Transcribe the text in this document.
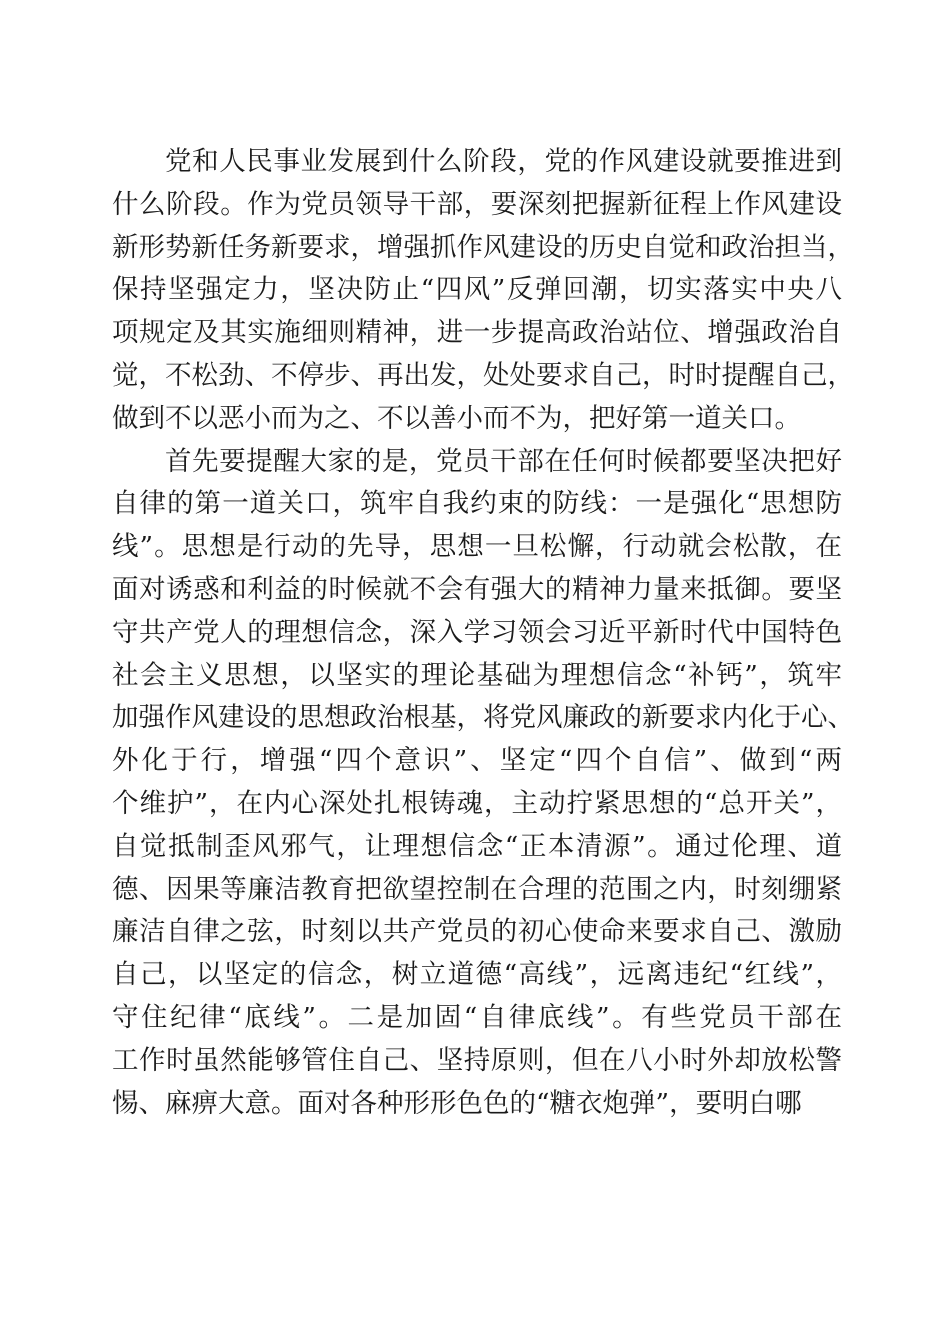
党和人民事业发展到什么阶段，党的作风建设就要推进到
什么阶段。作为党员领导干部，要深刻把握新征程上作风建设
新形势新任务新要求，增强抓作风建设的历史自觉和政治担当，
保持坚强定力，坚决防止“四风”反弹回潮，切实落实中央八
项规定及其实施细则精神，进一步提高政治站位、增强政治自
觉，不松劲、不停步、再出发，处处要求自己，时时提醒自己，
做到不以恶小而为之、不以善小而不为，把好第一道关口。
首先要提醒大家的是，党员干部在任何时候都要坚决把好
自律的第一道关口，筑牢自我约束的防线：一是强化“思想防
线”。思想是行动的先导，思想一旦松懈，行动就会松散，在
面对诱惑和利益的时候就不会有强大的精神力量来抵御。要坚
守共产党人的理想信念，深入学习领会习近平新时代中国特色
社会主义思想，以坚实的理论基础为理想信念“补钙”，筑牢
加强作风建设的思想政治根基，将党风廉政的新要求内化于心、
外化于行，增强“四个意识”、坚定“四个自信”、做到“两
个维护”，在内心深处扎根铸魂，主动拧紧思想的“总开关”，
自觉抵制歪风邪气，让理想信念“正本清源”。通过伦理、道
德、因果等廉洁教育把欲望控制在合理的范围之内，时刻绷紧
廉洁自律之弦，时刻以共产党员的初心使命来要求自己、激励
自己，以坚定的信念，树立道德“高线”，远离违纪“红线”，
守住纪律“底线”。二是加固“自律底线”。有些党员干部在
工作时虽然能够管住自己、坚持原则，但在八小时外却放松警
惕、麻痹大意。面对各种形形色色的“糖衣炮弹”，要明白哪
